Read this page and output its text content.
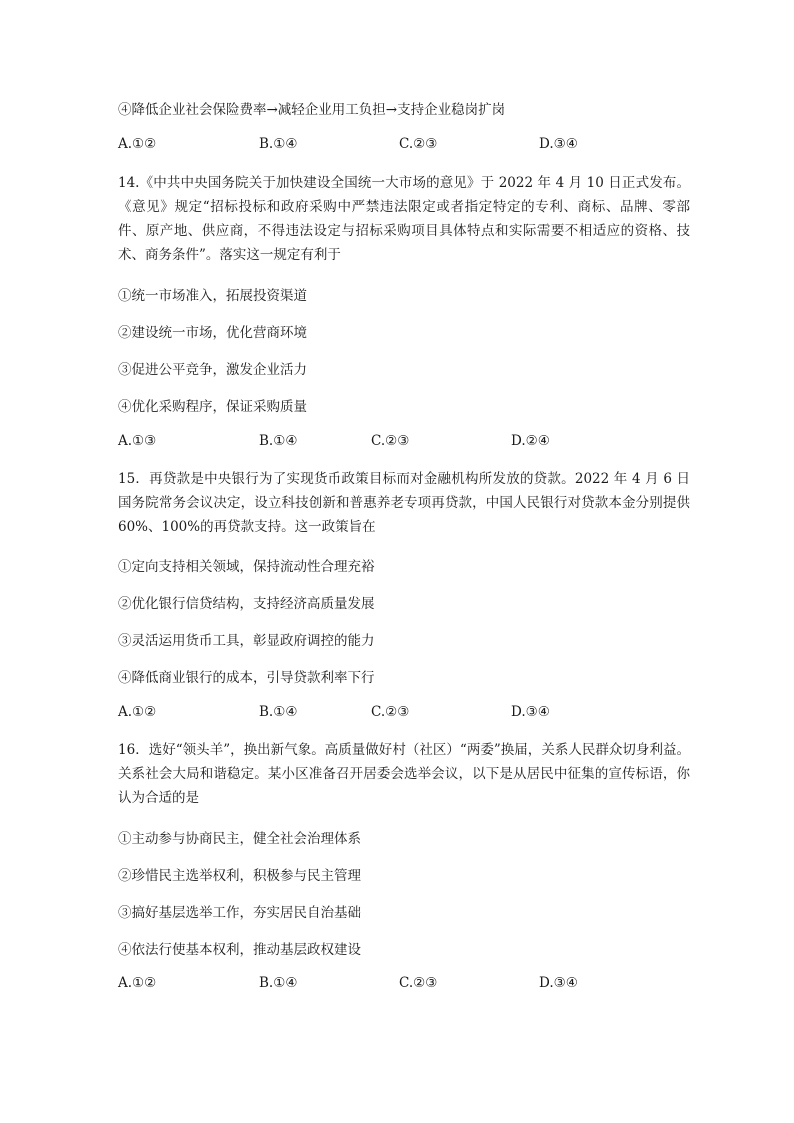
④降低企业社会保险费率→减轻企业用工负担→支持企业稳岗扩岗
A.①②	B.①④	C.②③	D.③④
14.《中共中央国务院关于加快建设全国统一大市场的意见》于 2022 年 4 月 10 日正式发布。《意见》规定“招标投标和政府采购中严禁违法限定或者指定特定的专利、商标、品牌、零部件、原产地、供应商，不得违法设定与招标采购项目具体特点和实际需要不相适应的资格、技术、商务条件”。落实这一规定有利于
①统一市场准入，拓展投资渠道
②建设统一市场，优化营商环境
③促进公平竞争，激发企业活力
④优化采购程序，保证采购质量
A.①③	B.①④	C.②③	D.②④
15．再贷款是中央银行为了实现货币政策目标而对金融机构所发放的贷款。2022 年 4 月 6 日国务院常务会议决定，设立科技创新和普惠养老专项再贷款，中国人民银行对贷款本金分别提供 60%、100%的再贷款支持。这一政策旨在
①定向支持相关领域，保持流动性合理充裕
②优化银行信贷结构，支持经济高质量发展
③灵活运用货币工具，彰显政府调控的能力
④降低商业银行的成本，引导贷款利率下行
A.①②	B.①④	C.②③	D.③④
16．选好“领头羊”，换出新气象。高质量做好村（社区）“两委”换届，关系人民群众切身利益。关系社会大局和谐稳定。某小区准备召开居委会选举会议，以下是从居民中征集的宣传标语，你认为合适的是
①主动参与协商民主，健全社会治理体系
②珍惜民主选举权利，积极参与民主管理
③搞好基层选举工作，夯实居民自治基础
④依法行使基本权利，推动基层政权建设
A.①②	B.①④	C.②③	D.③④
